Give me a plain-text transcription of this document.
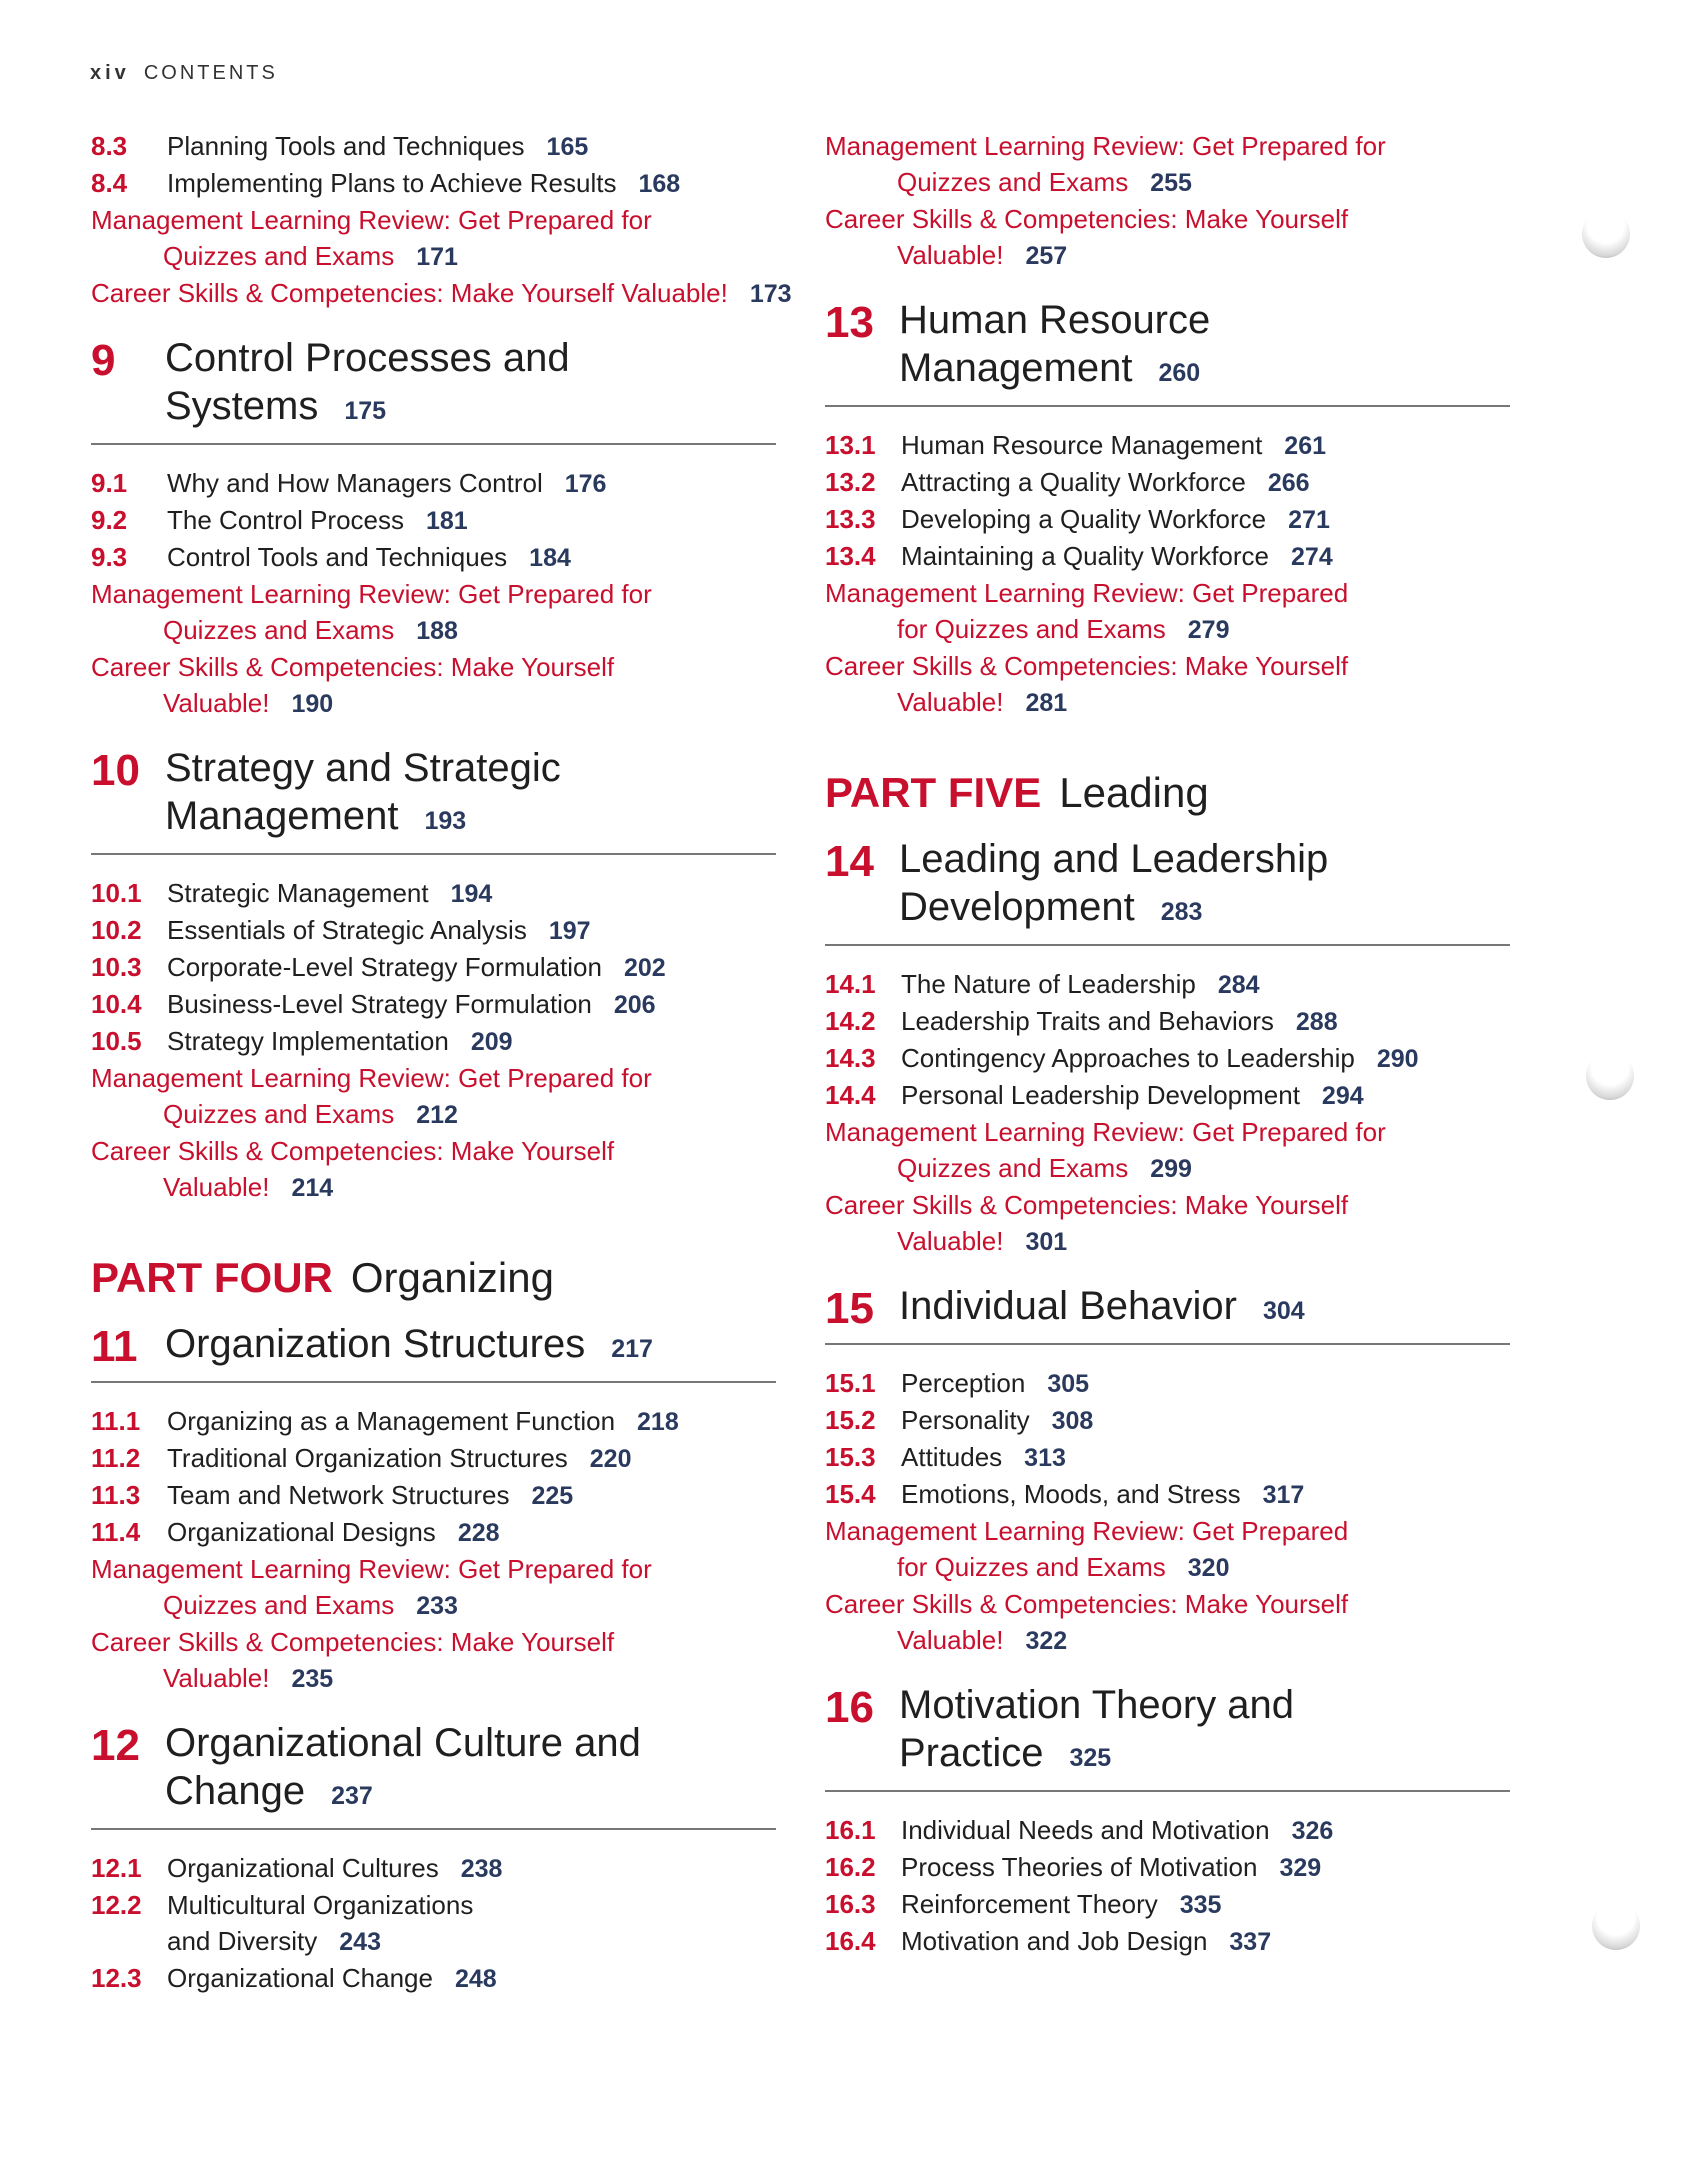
xiv CONTENTS
8.3 Planning Tools and Techniques 165
8.4 Implementing Plans to Achieve Results 168
Management Learning Review: Get Prepared for
Quizzes and Exams 171
Career Skills & Competencies: Make Yourself Valuable! 173
9	Control Processes and
Systems 175
9.1 Why and How Managers Control 176
9.2 The Control Process 181
9.3 Control Tools and Techniques 184
Management Learning Review: Get Prepared for
Quizzes and Exams 188
Career Skills & Competencies: Make Yourself
Valuable! 190
10 Strategy and Strategic
Management 193
10.1 Strategic Management 194
10.2 Essentials of Strategic Analysis 197
10.3 Corporate-Level Strategy Formulation 202
10.4 Business-Level Strategy Formulation 206
10.5 Strategy Implementation 209
Management Learning Review: Get Prepared for
Quizzes and Exams 212
Career Skills & Competencies: Make Yourself
Valuable! 214
PART FOUR Organizing
11 Organization Structures 217
11.1 Organizing as a Management Function 218
11.2 Traditional Organization Structures 220
11.3 Team and Network Structures 225
11.4 Organizational Designs 228
Management Learning Review: Get Prepared for
Quizzes and Exams 233
Career Skills & Competencies: Make Yourself
Valuable! 235
12 Organizational Culture and
Change 237
12.1 Organizational Cultures 238
12.2 Multicultural Organizations
and Diversity 243
12.3 Organizational Change 248
Management Learning Review: Get Prepared for
Quizzes and Exams 255
Career Skills & Competencies: Make Yourself
Valuable! 257
13 Human Resource
Management 260
13.1 Human Resource Management 261
13.2 Attracting a Quality Workforce 266
13.3 Developing a Quality Workforce 271
13.4 Maintaining a Quality Workforce 274
Management Learning Review: Get Prepared
for Quizzes and Exams 279
Career Skills & Competencies: Make Yourself
Valuable! 281
PART FIVE Leading
14 Leading and Leadership
Development 283
14.1 The Nature of Leadership 284
14.2 Leadership Traits and Behaviors 288
14.3 Contingency Approaches to Leadership 290
14.4 Personal Leadership Development 294
Management Learning Review: Get Prepared for
Quizzes and Exams 299
Career Skills & Competencies: Make Yourself
Valuable! 301
15 Individual Behavior 304
15.1 Perception 305
15.2 Personality 308
15.3 Attitudes 313
15.4 Emotions, Moods, and Stress 317
Management Learning Review: Get Prepared
for Quizzes and Exams 320
Career Skills & Competencies: Make Yourself
Valuable! 322
16 Motivation Theory and
Practice 325
16.1 Individual Needs and Motivation 326
16.2 Process Theories of Motivation 329
16.3 Reinforcement Theory 335
16.4 Motivation and Job Design 337
